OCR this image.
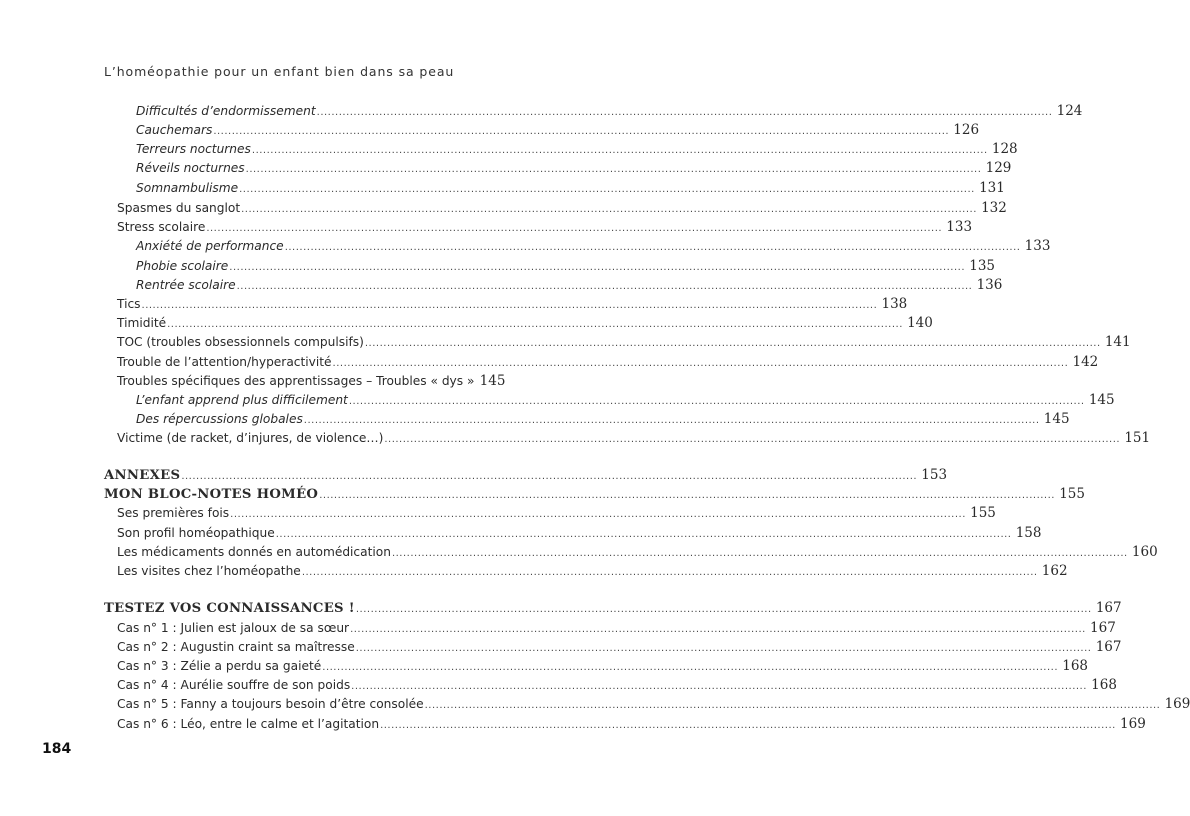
L’homéopathie pour un enfant bien dans sa peau
Difficultés d’endormissement ........................................................................................................................................................................................................ 124
Cauchemars ........................................................................................................................................................................................................ 126
Terreurs nocturnes ........................................................................................................................................................................................................ 128
Réveils nocturnes ........................................................................................................................................................................................................ 129
Somnambulisme ........................................................................................................................................................................................................ 131
Spasmes du sanglot ........................................................................................................................................................................................................ 132
Stress scolaire ........................................................................................................................................................................................................ 133
Anxiété de performance ........................................................................................................................................................................................................ 133
Phobie scolaire ........................................................................................................................................................................................................ 135
Rentrée scolaire ........................................................................................................................................................................................................ 136
Tics ........................................................................................................................................................................................................ 138
Timidité ........................................................................................................................................................................................................ 140
TOC (troubles obsessionnels compulsifs) ........................................................................................................................................................................................................ 141
Trouble de l’attention/hyperactivité ........................................................................................................................................................................................................ 142
Troubles spécifiques des apprentissages – Troubles « dys » 145
L’enfant apprend plus difficilement ........................................................................................................................................................................................................ 145
Des répercussions globales ........................................................................................................................................................................................................ 145
Victime (de racket, d’injures, de violence…) ........................................................................................................................................................................................................ 151
ANNEXES ........................................................................................................................................................................................................ 153
MON BLOC-NOTES HOMÉO ........................................................................................................................................................................................................ 155
Ses premières fois ........................................................................................................................................................................................................ 155
Son profil homéopathique ........................................................................................................................................................................................................ 158
Les médicaments donnés en automédication ........................................................................................................................................................................................................ 160
Les visites chez l’homéopathe ........................................................................................................................................................................................................ 162
TESTEZ VOS CONNAISSANCES ! ........................................................................................................................................................................................................ 167
Cas n° 1 : Julien est jaloux de sa sœur ........................................................................................................................................................................................................ 167
Cas n° 2 : Augustin craint sa maîtresse ........................................................................................................................................................................................................ 167
Cas n° 3 : Zélie a perdu sa gaieté ........................................................................................................................................................................................................ 168
Cas n° 4 : Aurélie souffre de son poids ........................................................................................................................................................................................................ 168
Cas n° 5 : Fanny a toujours besoin d’être consolée ........................................................................................................................................................................................................ 169
Cas n° 6 : Léo, entre le calme et l’agitation ........................................................................................................................................................................................................ 169
184
